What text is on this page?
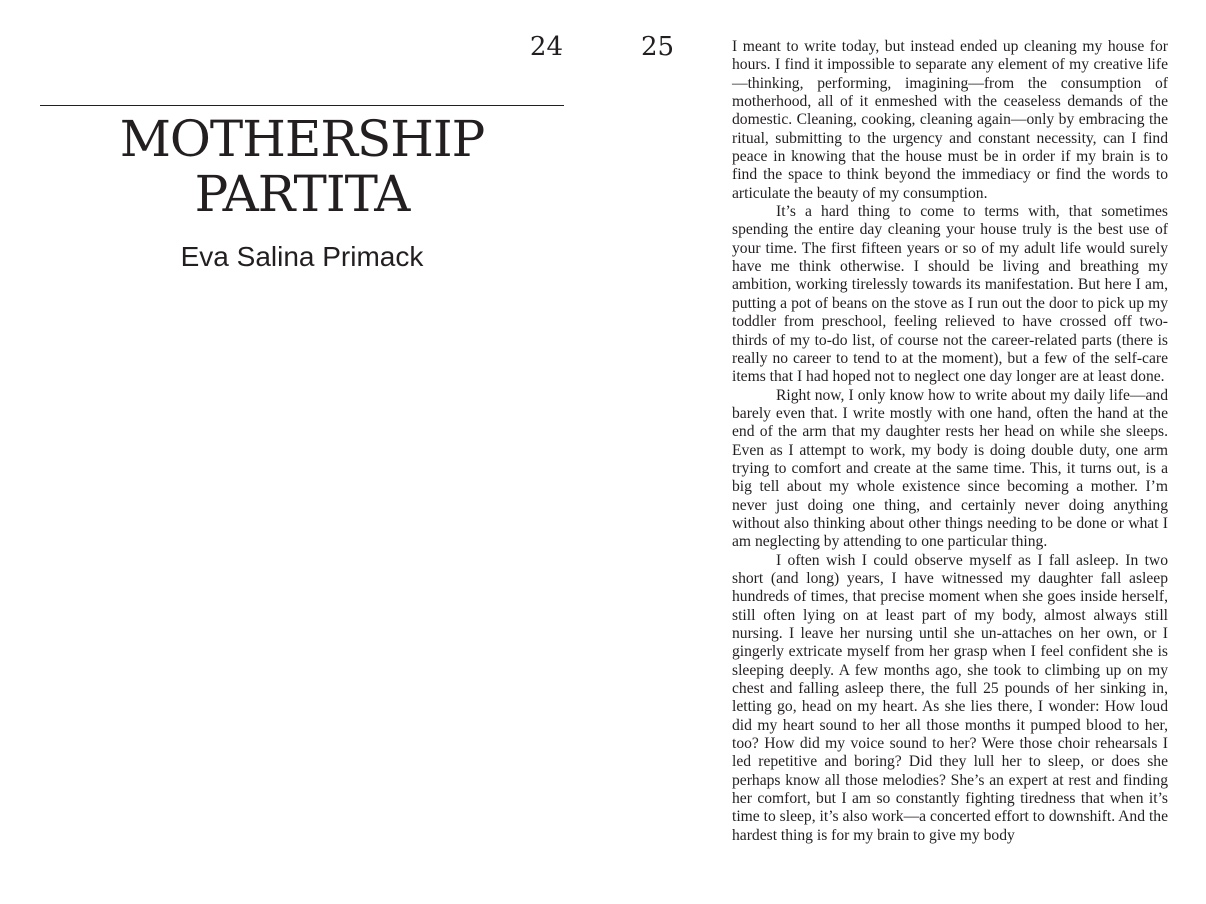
24
MOTHERSHIP
PARTITA
Eva Salina Primack
25	I meant to write today, but instead ended up cleaning my house for hours. I find it impossible to separate any element of my creative life—thinking, performing, imagining—from the consumption of motherhood, all of it enmeshed with the ceaseless demands of the domestic. Cleaning, cooking, cleaning again—only by embracing the ritual, submitting to the urgency and constant necessity, can I find peace in knowing that the house must be in order if my brain is to find the space to think beyond the immediacy or find the words to articulate the beauty of my consumption.

It’s a hard thing to come to terms with, that sometimes spending the entire day cleaning your house truly is the best use of your time. The first fifteen years or so of my adult life would surely have me think otherwise. I should be living and breathing my ambition, working tirelessly towards its manifestation. But here I am, putting a pot of beans on the stove as I run out the door to pick up my toddler from preschool, feeling relieved to have crossed off two-thirds of my to-do list, of course not the career-related parts (there is really no career to tend to at the moment), but a few of the self-care items that I had hoped not to neglect one day longer are at least done.

Right now, I only know how to write about my daily life—and barely even that. I write mostly with one hand, often the hand at the end of the arm that my daughter rests her head on while she sleeps. Even as I attempt to work, my body is doing double duty, one arm trying to comfort and create at the same time. This, it turns out, is a big tell about my whole existence since becoming a mother. I’m never just doing one thing, and certainly never doing anything without also thinking about other things needing to be done or what I am neglecting by attending to one particular thing.

I often wish I could observe myself as I fall asleep. In two short (and long) years, I have witnessed my daughter fall asleep hundreds of times, that precise moment when she goes inside herself, still often lying on at least part of my body, almost always still nursing. I leave her nursing until she un-attaches on her own, or I gingerly extricate myself from her grasp when I feel confident she is sleeping deeply. A few months ago, she took to climbing up on my chest and falling asleep there, the full 25 pounds of her sinking in, letting go, head on my heart. As she lies there, I wonder: How loud did my heart sound to her all those months it pumped blood to her, too? How did my voice sound to her? Were those choir rehearsals I led repetitive and boring? Did they lull her to sleep, or does she perhaps know all those melodies? She’s an expert at rest and finding her comfort, but I am so constantly fighting tiredness that when it’s time to sleep, it’s also work—a concerted effort to downshift. And the hardest thing is for my brain to give my body
